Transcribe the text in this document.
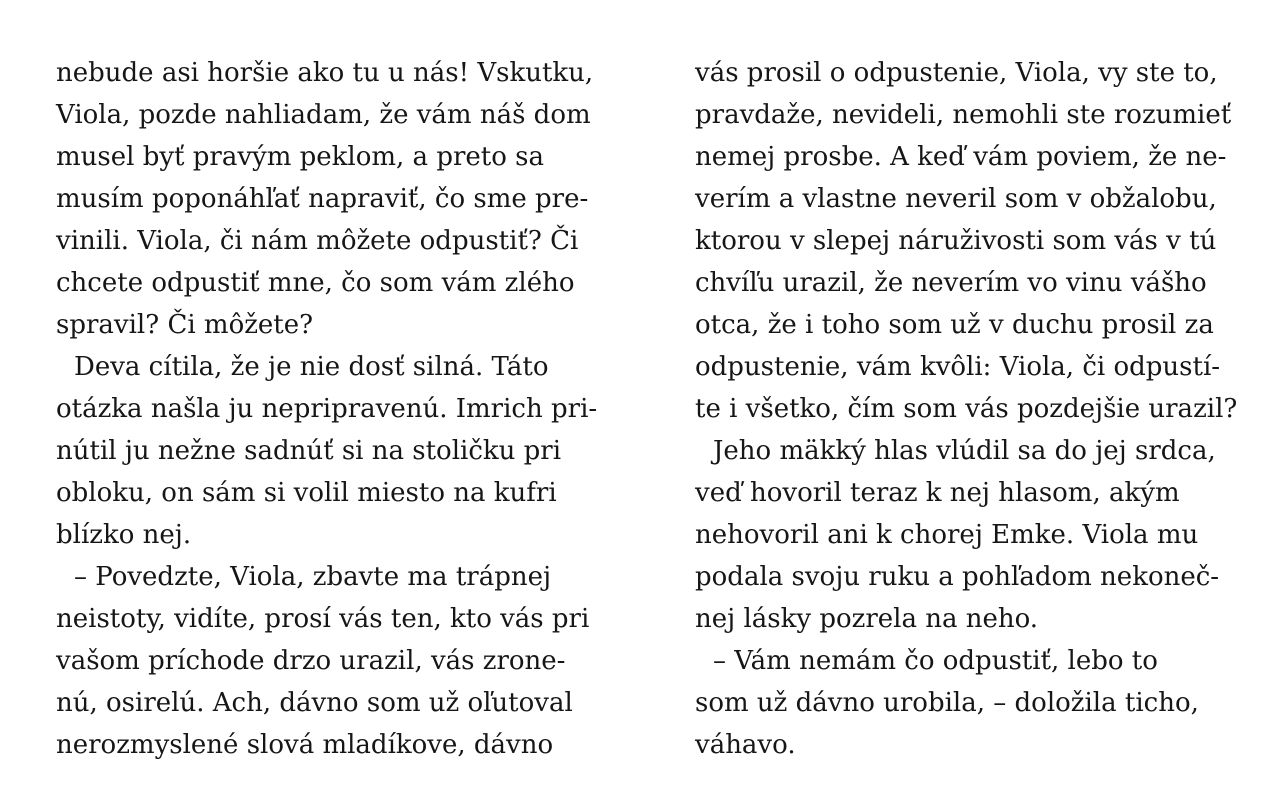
nebude asi horšie ako tu u nás! Vskutku,
Viola, pozde nahliadam, že vám náš dom
musel byť pravým peklom, a preto sa
musím poponáhľať napraviť, čo sme pre-
vinili. Viola, či nám môžete odpustiť? Či
chcete odpustiť mne, čo som vám zlého
spravil? Či môžete?
Deva cítila, že je nie dosť silná. Táto
otázka našla ju nepripravenú. Imrich pri-
nútil ju nežne sadnúť si na stoličku pri
obloku, on sám si volil miesto na kufri
blízko nej.
– Povedzte, Viola, zbavte ma trápnej
neistoty, vidíte, prosí vás ten, kto vás pri
vašom príchode drzo urazil, vás zrone-
nú, osirelú. Ach, dávno som už oľutoval
nerozmyslené slová mladíkove, dávno
vás prosil o odpustenie, Viola, vy ste to,
pravdaže, nevideli, nemohli ste rozumieť
nemej prosbe. A keď vám poviem, že ne-
verím a vlastne neveril som v obžalobu,
ktorou v slepej náruživosti som vás v tú
chvíľu urazil, že neverím vo vinu vášho
otca, že i toho som už v duchu prosil za
odpustenie, vám kvôli: Viola, či odpustí-
te i všetko, čím som vás pozdejšie urazil?
Jeho mäkký hlas vlúdil sa do jej srdca,
veď hovoril teraz k nej hlasom, akým
nehovoril ani k chorej Emke. Viola mu
podala svoju ruku a pohľadom nekoneč-
nej lásky pozrela na neho.
– Vám nemám čo odpustiť, lebo to
som už dávno urobila, – doložila ticho,
váhavo.
